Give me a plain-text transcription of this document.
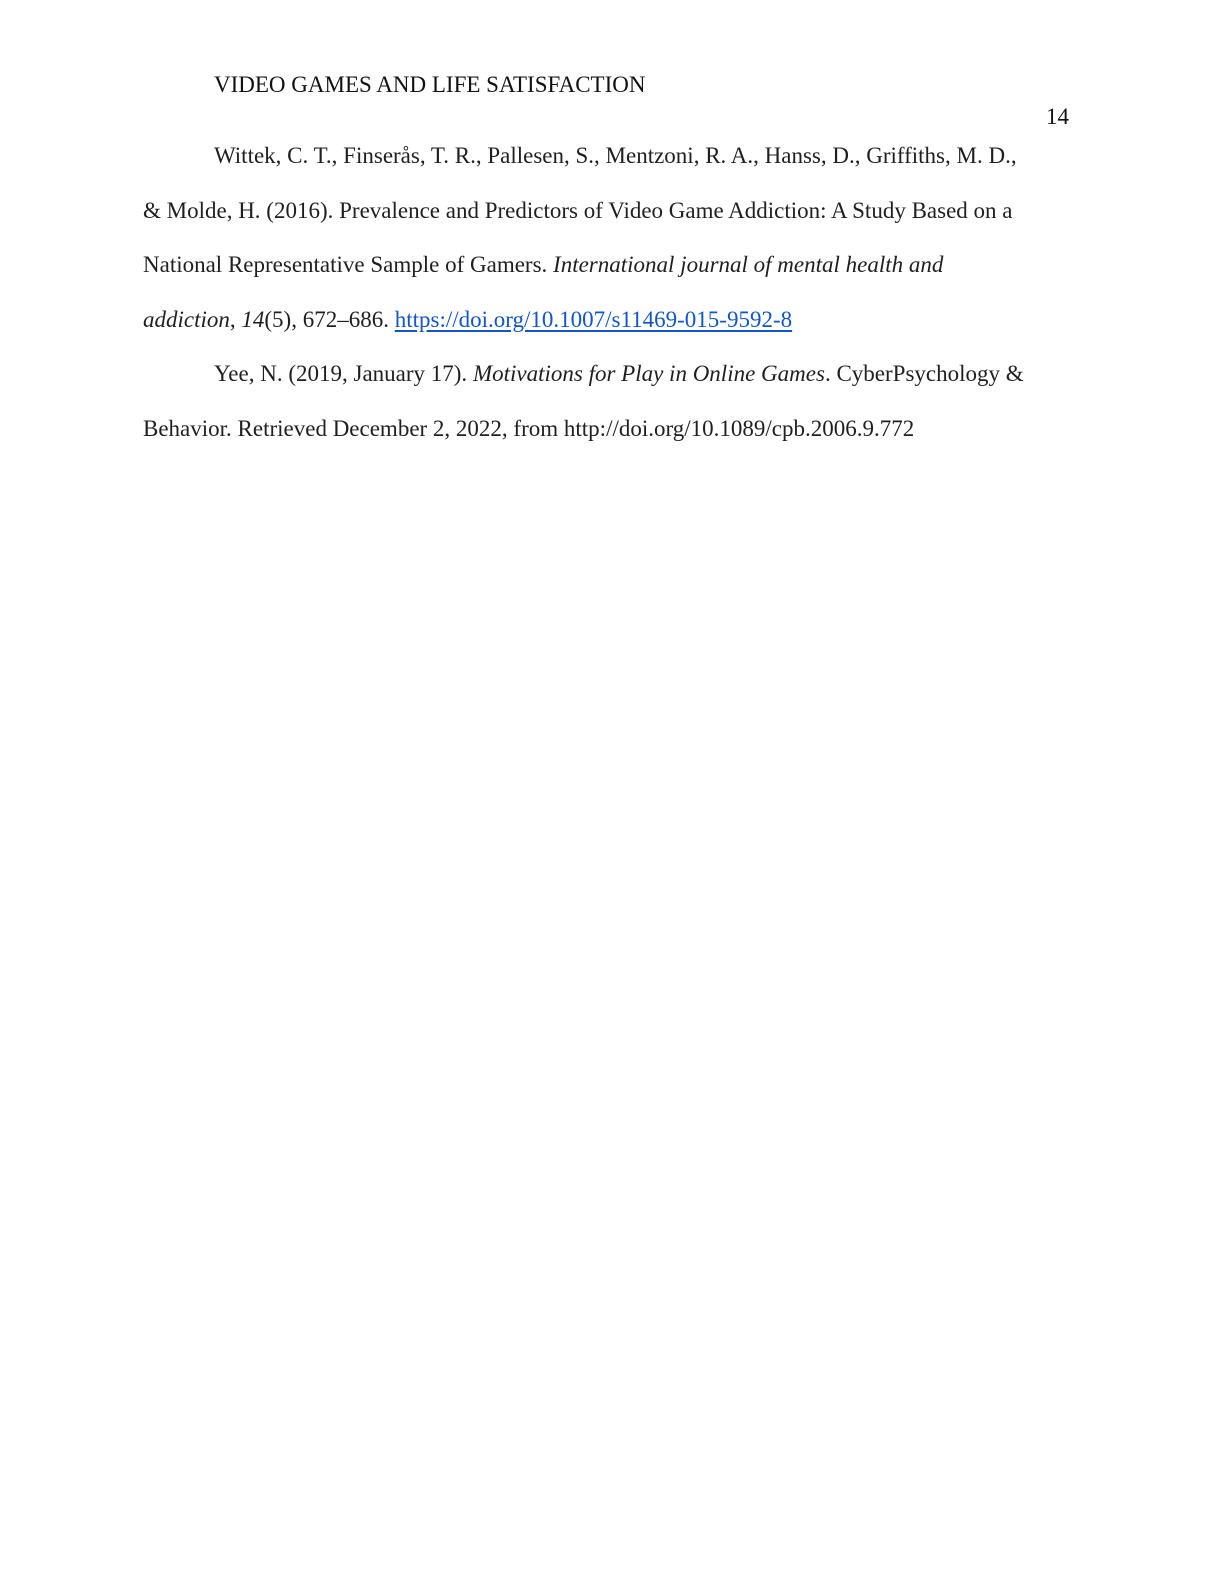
VIDEO GAMES AND LIFE SATISFACTION
14

Wittek, C. T., Finserås, T. R., Pallesen, S., Mentzoni, R. A., Hanss, D., Griffiths, M. D.,
& Molde, H. (2016). Prevalence and Predictors of Video Game Addiction: A Study Based on a
National Representative Sample of Gamers. International journal of mental health and
addiction, 14(5), 672–686. https://doi.org/10.1007/s11469-015-9592-8

Yee, N. (2019, January 17). Motivations for Play in Online Games. CyberPsychology &
Behavior. Retrieved December 2, 2022, from http://doi.org/10.1089/cpb.2006.9.772
